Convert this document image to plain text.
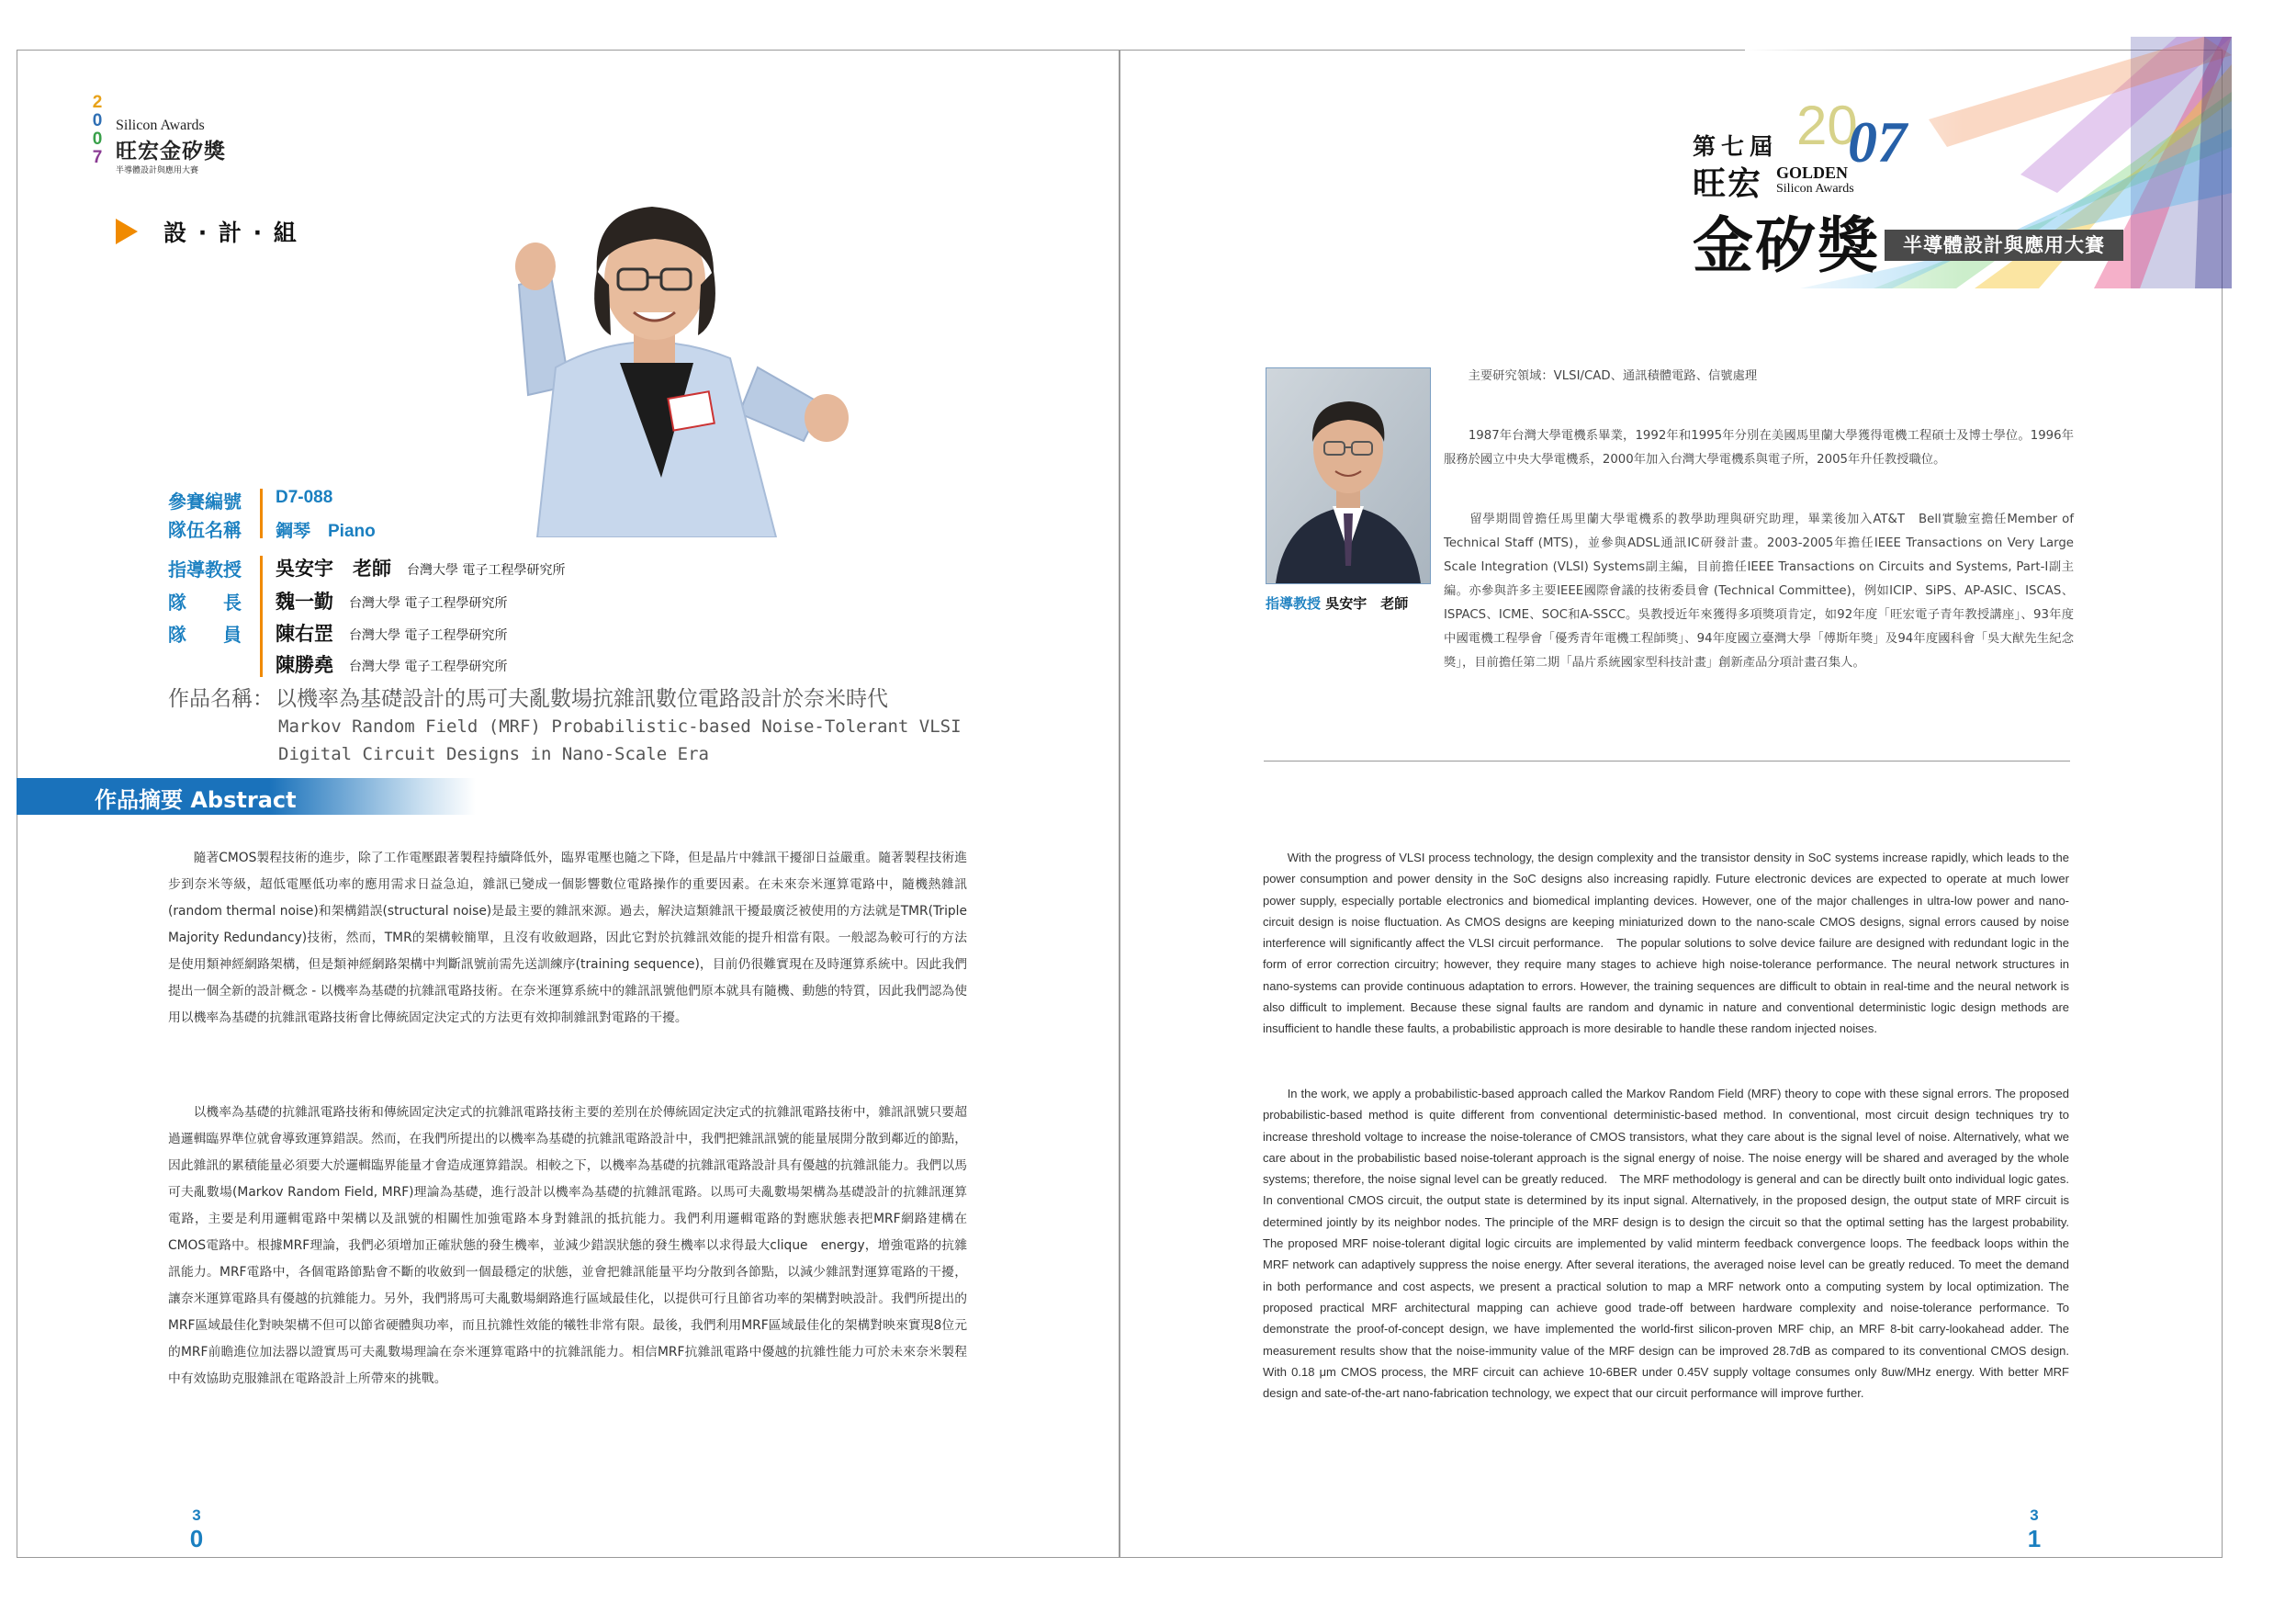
2
0
0
7
Silicon Awards
旺宏金矽獎
半導體設計與應用大賽
設 · 計 · 組
參賽編號
隊伍名稱
D7-088
鋼琴　Piano
指導教授
隊　　長
隊　　員
吳安宇　老師 台灣大學 電子工程學研究所
魏一勤 台灣大學 電子工程學研究所
陳右罡 台灣大學 電子工程學研究所
陳勝堯 台灣大學 電子工程學研究所
作品名稱： 以機率為基礎設計的馬可夫亂數場抗雜訊數位電路設計於奈米時代
Markov Random Field (MRF) Probabilistic-based Noise-Tolerant VLSI
Digital Circuit Designs in Nano-Scale Era
作品摘要 Abstract

　　隨著CMOS製程技術的進步，除了工作電壓跟著製程持續降低外，臨界電壓也隨之下降，但是晶片中雜訊干擾卻日益嚴重。隨著製程技術進步到奈米等級，超低電壓低功率的應用需求日益急迫，雜訊已變成一個影響數位電路操作的重要因素。在未來奈米運算電路中，隨機熱雜訊(random thermal noise)和架構錯誤(structural noise)是最主要的雜訊來源。過去，解決這類雜訊干擾最廣泛被使用的方法就是TMR(Triple Majority Redundancy)技術，然而，TMR的架構較簡單，且沒有收斂迴路，因此它對於抗雜訊效能的提升相當有限。一般認為較可行的方法是使用類神經網路架構，但是類神經網路架構中判斷訊號前需先送訓練序(training sequence)，目前仍很難實現在及時運算系統中。因此我們提出一個全新的設計概念 - 以機率為基礎的抗雜訊電路技術。在奈米運算系統中的雜訊訊號他們原本就具有隨機、動態的特質，因此我們認為使用以機率為基礎的抗雜訊電路技術會比傳統固定決定式的方法更有效抑制雜訊對電路的干擾。

　　以機率為基礎的抗雜訊電路技術和傳統固定決定式的抗雜訊電路技術主要的差別在於傳統固定決定式的抗雜訊電路技術中，雜訊訊號只要超過邏輯臨界準位就會導致運算錯誤。然而，在我們所提出的以機率為基礎的抗雜訊電路設計中，我們把雜訊訊號的能量展開分散到鄰近的節點，因此雜訊的累積能量必須要大於邏輯臨界能量才會造成運算錯誤。相較之下，以機率為基礎的抗雜訊電路設計具有優越的抗雜訊能力。我們以馬可夫亂數場(Markov Random Field, MRF)理論為基礎，進行設計以機率為基礎的抗雜訊電路。以馬可夫亂數場架構為基礎設計的抗雜訊運算電路，主要是利用邏輯電路中架構以及訊號的相關性加強電路本身對雜訊的抵抗能力。我們利用邏輯電路的對應狀態表把MRF網路建構在CMOS電路中。根據MRF理論，我們必須增加正確狀態的發生機率，並減少錯誤狀態的發生機率以求得最大clique　energy，增強電路的抗雜訊能力。MRF電路中，各個電路節點會不斷的收斂到一個最穩定的狀態，並會把雜訊能量平均分散到各節點，以減少雜訊對運算電路的干擾，讓奈米運算電路具有優越的抗雜能力。另外，我們將馬可夫亂數場網路進行區域最佳化，以提供可行且節省功率的架構對映設計。我們所提出的MRF區域最佳化對映架構不但可以節省硬體與功率，而且抗雜性效能的犧牲非常有限。最後，我們利用MRF區域最佳化的架構對映來實現8位元的MRF前瞻進位加法器以證實馬可夫亂數場理論在奈米運算電路中的抗雜訊能力。相信MRF抗雜訊電路中優越的抗雜性能力可於未來奈米製程中有效協助克服雜訊在電路設計上所帶來的挑戰。

3
0
20
07
第七屆
旺宏 GOLDEN
Silicon Awards
金矽獎	半導體設計與應用大賽
指導教授 吳安宇　老師

　　主要研究領域：VLSI/CAD、通訊積體電路、信號處理

　　1987年台灣大學電機系畢業，1992年和1995年分別在美國馬里蘭大學獲得電機工程碩士及博士學位。1996年服務於國立中央大學電機系，2000年加入台灣大學電機系與電子所，2005年升任教授職位。

　　留學期間曾擔任馬里蘭大學電機系的教學助理與研究助理，畢業後加入AT&T　Bell實驗室擔任Member of Technical Staff (MTS)，並參與ADSL通訊IC研發計畫。2003-2005年擔任IEEE Transactions on Very Large Scale Integration (VLSI) Systems副主編，目前擔任IEEE Transactions on Circuits and Systems, Part-I副主編。亦參與許多主要IEEE國際會議的技術委員會 (Technical Committee)，例如ICIP、SiPS、AP-ASIC、ISCAS、ISPACS、ICME、SOC和A-SSCC。吳教授近年來獲得多項獎項肯定，如92年度「旺宏電子青年教授講座」、93年度中國電機工程學會「優秀青年電機工程師獎」、94年度國立臺灣大學「傅斯年獎」及94年度國科會「吳大猷先生紀念獎」，目前擔任第二期「晶片系統國家型科技計畫」創新產品分項計畫召集人。

　　With the progress of VLSI process technology, the design complexity and the transistor density in SoC systems increase rapidly, which leads to the power consumption and power density in the SoC designs also increasing rapidly. Future electronic devices are expected to operate at much lower power supply, especially portable electronics and biomedical implanting devices. However, one of the major challenges in ultra-low power and nano-circuit design is noise fluctuation. As CMOS designs are keeping miniaturized down to the nano-scale CMOS designs, signal errors caused by noise interference will significantly affect the VLSI circuit performance.　The popular solutions to solve device failure are designed with redundant logic in the form of error correction circuitry; however, they require many stages to achieve high noise-tolerance performance. The neural network structures in nano-systems can provide continuous adaptation to errors. However, the training sequences are difficult to obtain in real-time and the neural network is also difficult to implement. Because these signal faults are random and dynamic in nature and conventional deterministic logic design methods are insufficient to handle these faults, a probabilistic approach is more desirable to handle these random injected noises.

　　In the work, we apply a probabilistic-based approach called the Markov Random Field (MRF) theory to cope with these signal errors. The proposed probabilistic-based method is quite different from conventional deterministic-based method. In conventional, most circuit design techniques try to increase threshold voltage to increase the noise-tolerance of CMOS transistors, what they care about is the signal level of noise. Alternatively, what we care about in the probabilistic based noise-tolerant approach is the signal energy of noise. The noise energy will be shared and averaged by the whole systems; therefore, the noise signal level can be greatly reduced.　The MRF methodology is general and can be directly built onto individual logic gates. In conventional CMOS circuit, the output state is determined by its input signal. Alternatively, in the proposed design, the output state of MRF circuit is determined jointly by its neighbor nodes. The principle of the MRF design is to design the circuit so that the optimal setting has the largest probability. The proposed MRF noise-tolerant digital logic circuits are implemented by valid minterm feedback convergence loops. The feedback loops within the MRF network can adaptively suppress the noise energy. After several iterations, the averaged noise level can be greatly reduced. To meet the demand in both performance and cost aspects, we present a practical solution to map a MRF network onto a computing system by local optimization. The proposed practical MRF architectural mapping can achieve good trade-off between hardware complexity and noise-tolerance performance. To demonstrate the proof-of-concept design, we have implemented the world-first silicon-proven MRF chip, an MRF 8-bit carry-lookahead adder. The measurement results show that the noise-immunity value of the MRF design can be improved 28.7dB as compared to its conventional CMOS design. With 0.18 μm CMOS process, the MRF circuit can achieve 10-6BER under 0.45V supply voltage consumes only 8uw/MHz energy. With better MRF design and sate-of-the-art nano-fabrication technology, we expect that our circuit performance will improve further.

3
1
